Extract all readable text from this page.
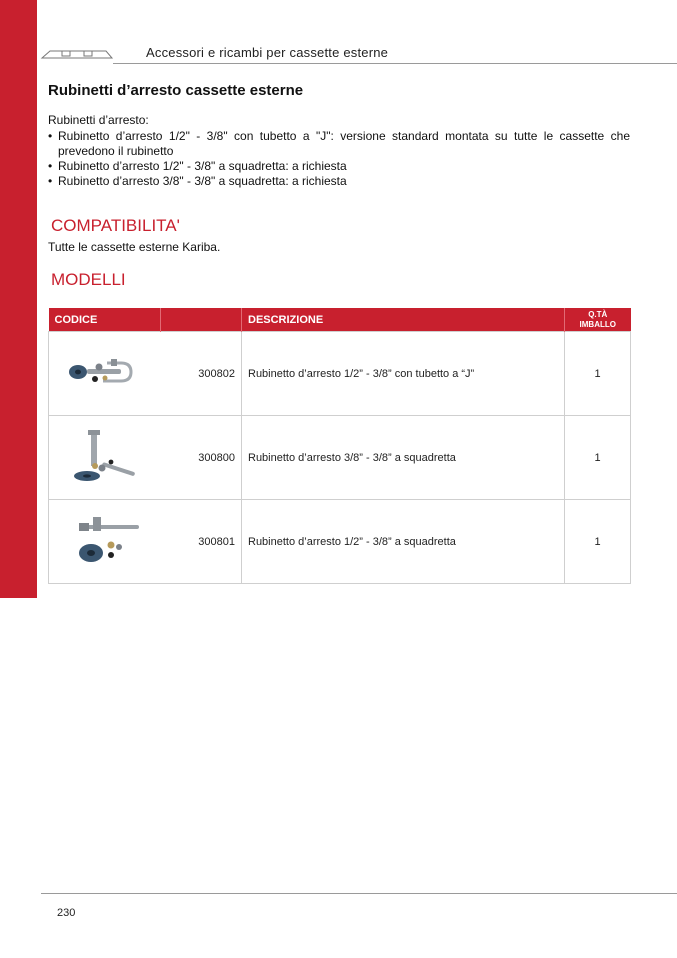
Accessori e ricambi per cassette esterne
Rubinetti d’arresto cassette esterne
Rubinetti d’arresto:
• Rubinetto d’arresto 1/2" - 3/8" con tubetto a "J": versione standard montata su tutte le cassette che prevedono il rubinetto
• Rubinetto d’arresto 1/2" - 3/8" a squadretta: a richiesta
• Rubinetto d’arresto 3/8" - 3/8" a squadretta: a richiesta
COMPATIBILITA'
Tutte le cassette esterne Kariba.
MODELLI
CODICE		DESCRIZIONE	Q.TÀ
IMBALLO
	300802	Rubinetto d’arresto 1/2” - 3/8” con tubetto a “J”	1
	300800	Rubinetto d’arresto 3/8” - 3/8” a squadretta	1
	300801	Rubinetto d’arresto 1/2” - 3/8” a squadretta	1
230
